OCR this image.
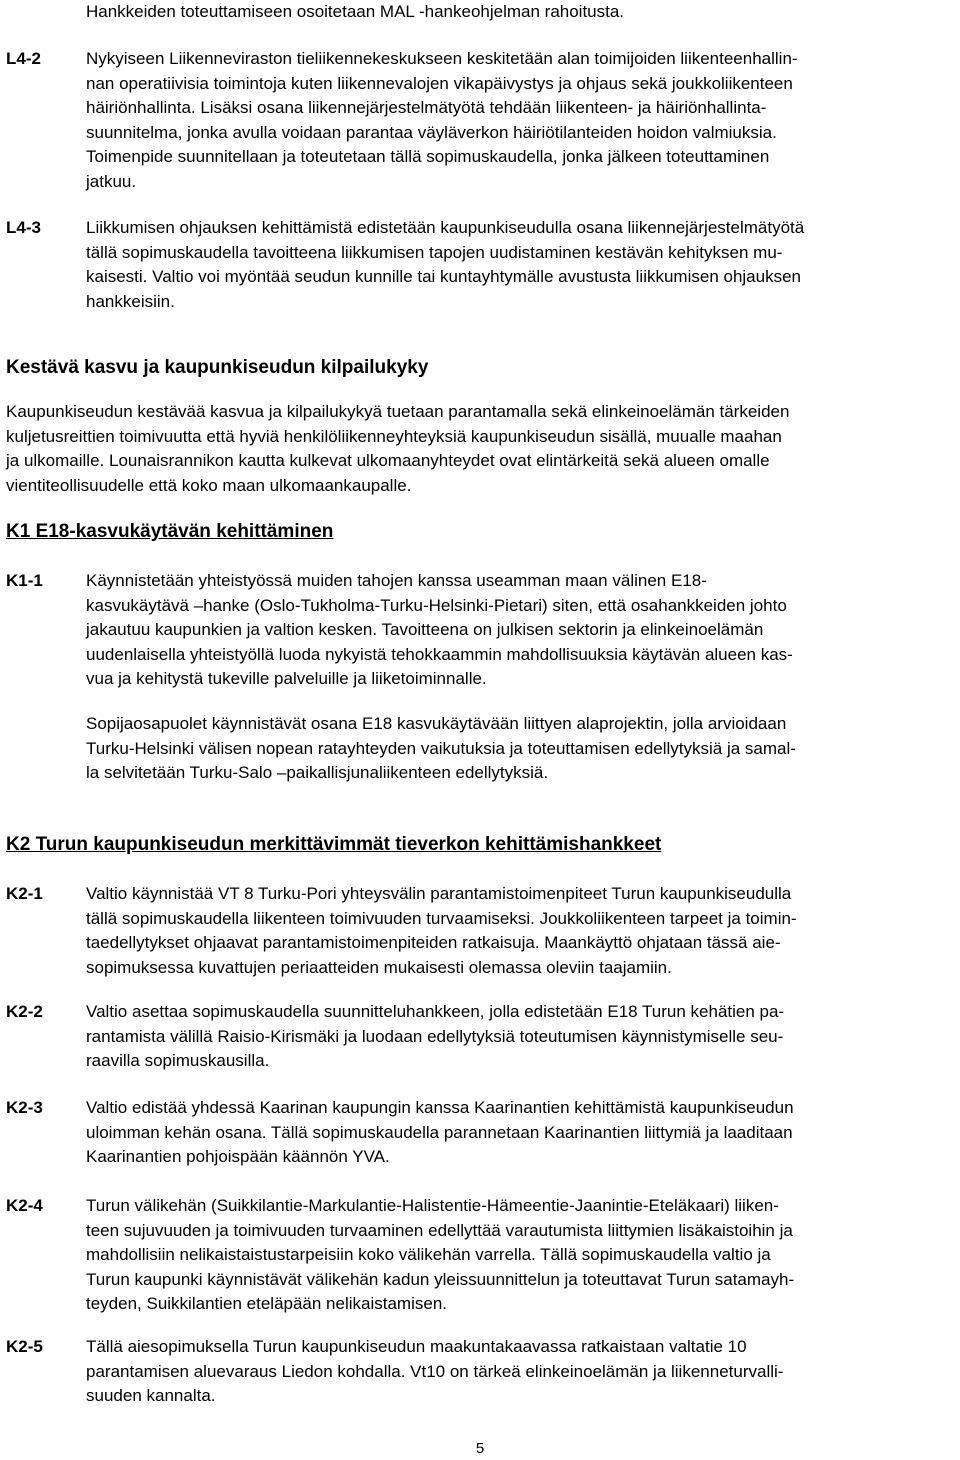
Hankkeiden toteuttamiseen osoitetaan MAL -hankeohjelman rahoitusta.
L4-2	Nykyiseen Liikenneviraston tieliikennekeskukseen keskitetään alan toimijoiden liikenteenhallin-
nan operatiivisia toimintoja kuten liikennevalojen vikapäivystys ja ohjaus sekä joukkoliikenteen
häiriönhallinta. Lisäksi osana liikennejärjestelmätyötä tehdään liikenteen- ja häiriönhallinta-
suunnitelma, jonka avulla voidaan parantaa väyläverkon häiriötilanteiden hoidon valmiuksia.
Toimenpide suunnitellaan ja toteutetaan tällä sopimuskaudella, jonka jälkeen toteuttaminen
jatkuu.
L4-3	Liikkumisen ohjauksen kehittämistä edistetään kaupunkiseudulla osana liikennejärjestelmätyötä
tällä sopimuskaudella tavoitteena liikkumisen tapojen uudistaminen kestävän kehityksen mu-
kaisesti. Valtio voi myöntää seudun kunnille tai kuntayhtymälle avustusta liikkumisen ohjauksen
hankkeisiin.
Kestävä kasvu ja kaupunkiseudun kilpailukyky
Kaupunkiseudun kestävää kasvua ja kilpailukykyä tuetaan parantamalla sekä elinkeinoelämän tärkeiden
kuljetusreittien toimivuutta että hyviä henkilöliikenneyhteyksiä kaupunkiseudun sisällä, muualle maahan
ja ulkomaille. Lounaisrannikon kautta kulkevat ulkomaanyhteydet ovat elintärkeitä sekä alueen omalle
vientiteollisuudelle että koko maan ulkomaankaupalle.
K1 E18-kasvukäytävän kehittäminen
K1-1	Käynnistetään yhteistyössä muiden tahojen kanssa useamman maan välinen E18-
kasvukäytävä –hanke (Oslo-Tukholma-Turku-Helsinki-Pietari) siten, että osahankkeiden johto
jakautuu kaupunkien ja valtion kesken. Tavoitteena on julkisen sektorin ja elinkeinoelämän
uudenlaisella yhteistyöllä luoda nykyistä tehokkaammin mahdollisuuksia käytävän alueen kas-
vua ja kehitystä tukeville palveluille ja liiketoiminnalle.
Sopijaosapuolet käynnistävät osana E18 kasvukäytävään liittyen alaprojektin, jolla arvioidaan
Turku-Helsinki välisen nopean ratayhteyden vaikutuksia ja toteuttamisen edellytyksiä ja samal-
la selvitetään Turku-Salo –paikallisjunaliikenteen edellytyksiä.
K2 Turun kaupunkiseudun merkittävimmät tieverkon kehittämishankkeet
K2-1	Valtio käynnistää VT 8 Turku-Pori yhteysvälin parantamistoimenpiteet Turun kaupunkiseudulla
tällä sopimuskaudella liikenteen toimivuuden turvaamiseksi. Joukkoliikenteen tarpeet ja toimin-
taedellytykset ohjaavat parantamistoimenpiteiden ratkaisuja. Maankäyttö ohjataan tässä aie-
sopimuksessa kuvattujen periaatteiden mukaisesti olemassa oleviin taajamiin.
K2-2	Valtio asettaa sopimuskaudella suunnitteluhankkeen, jolla edistetään E18 Turun kehätien pa-
rantamista välillä Raisio-Kirismäki ja luodaan edellytyksiä toteutumisen käynnistymiselle seu-
raavilla sopimuskausilla.
K2-3	Valtio edistää yhdessä Kaarinan kaupungin kanssa Kaarinantien kehittämistä kaupunkiseudun
uloimman kehän osana. Tällä sopimuskaudella parannetaan Kaarinantien liittymiä ja laaditaan
Kaarinantien pohjoispään käännön YVA.
K2-4	Turun välikehän (Suikkilantie-Markulantie-Halistentie-Hämeentie-Jaanintie-Eteläkaari) liiken-
teen sujuvuuden ja toimivuuden turvaaminen edellyttää varautumista liittymien lisäkaistoihin ja
mahdollisiin nelikaistaistustarpeisiin koko välikehän varrella. Tällä sopimuskaudella valtio ja
Turun kaupunki käynnistävät välikehän kadun yleissuunnittelun ja toteuttavat Turun satamayh-
teyden, Suikkilantien eteläpään nelikaistamisen.
K2-5	Tällä aiesopimuksella Turun kaupunkiseudun maakuntakaavassa ratkaistaan valtatie 10
parantamisen aluevaraus Liedon kohdalla. Vt10 on tärkeä elinkeinoelämän ja liikenneturvalli-
suuden kannalta.
5
